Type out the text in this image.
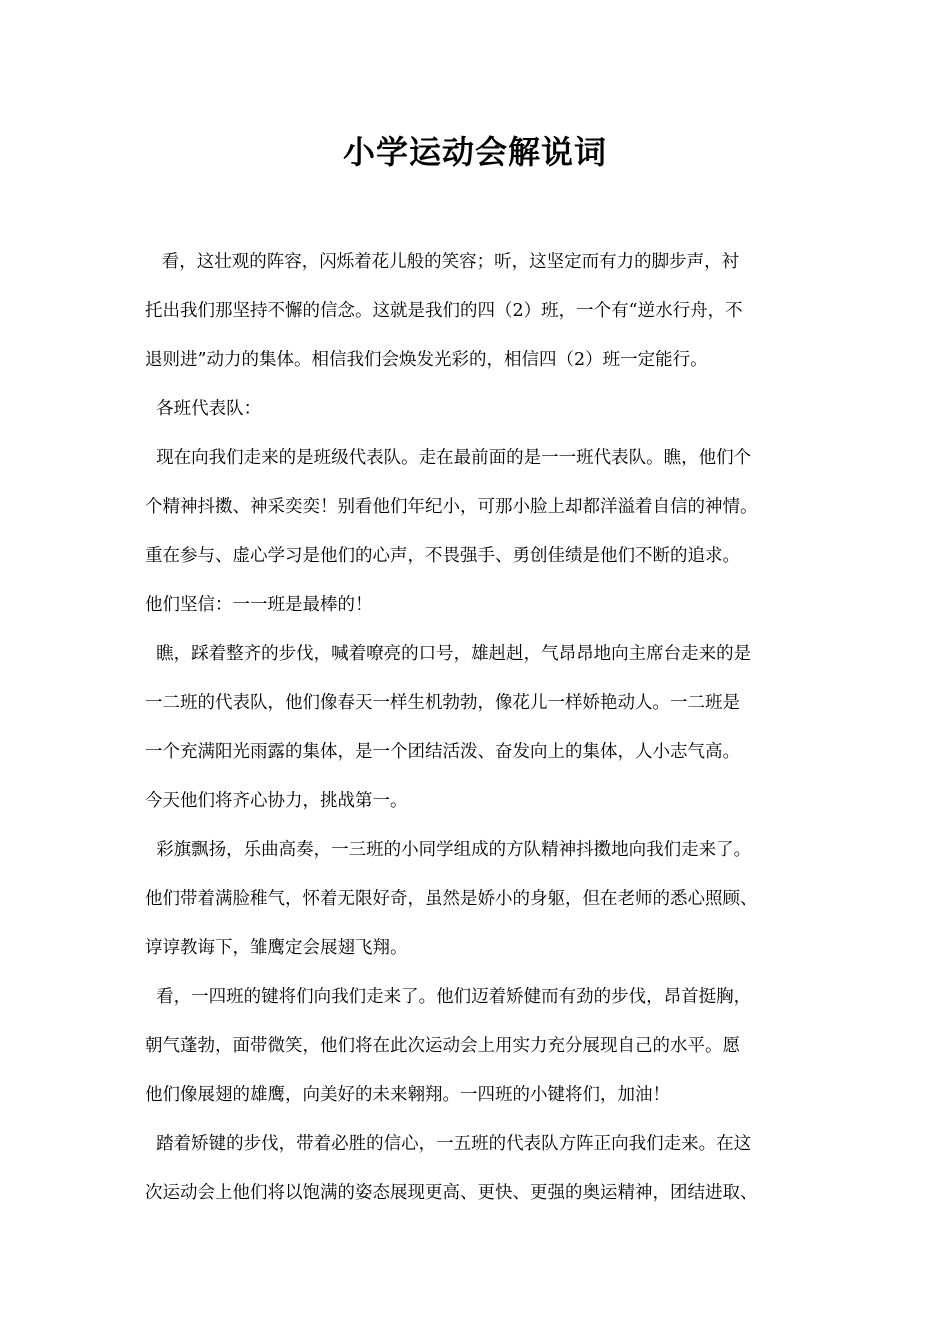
小学运动会解说词
看，这壮观的阵容，闪烁着花儿般的笑容；听，这坚定而有力的脚步声，衬
托出我们那坚持不懈的信念。这就是我们的四（2）班，一个有“逆水行舟，不
退则进”动力的集体。相信我们会焕发光彩的，相信四（2）班一定能行。
各班代表队：
现在向我们走来的是班级代表队。走在最前面的是一一班代表队。瞧，他们个
个精神抖擞、神采奕奕！别看他们年纪小，可那小脸上却都洋溢着自信的神情。
重在参与、虚心学习是他们的心声，不畏强手、勇创佳绩是他们不断的追求。
他们坚信：一一班是最棒的！
瞧，踩着整齐的步伐，喊着嘹亮的口号，雄赳赳，气昂昂地向主席台走来的是
一二班的代表队，他们像春天一样生机勃勃，像花儿一样娇艳动人。一二班是
一个充满阳光雨露的集体，是一个团结活泼、奋发向上的集体，人小志气高。
今天他们将齐心协力，挑战第一。
彩旗飘扬，乐曲高奏，一三班的小同学组成的方队精神抖擞地向我们走来了。
他们带着满脸稚气，怀着无限好奇，虽然是娇小的身躯，但在老师的悉心照顾、
谆谆教诲下，雏鹰定会展翅飞翔。
看，一四班的键将们向我们走来了。他们迈着矫健而有劲的步伐，昂首挺胸，
朝气蓬勃，面带微笑，他们将在此次运动会上用实力充分展现自己的水平。愿
他们像展翅的雄鹰，向美好的未来翱翔。一四班的小键将们，加油！
踏着矫键的步伐，带着必胜的信心，一五班的代表队方阵正向我们走来。在这
次运动会上他们将以饱满的姿态展现更高、更快、更强的奥运精神，团结进取、
